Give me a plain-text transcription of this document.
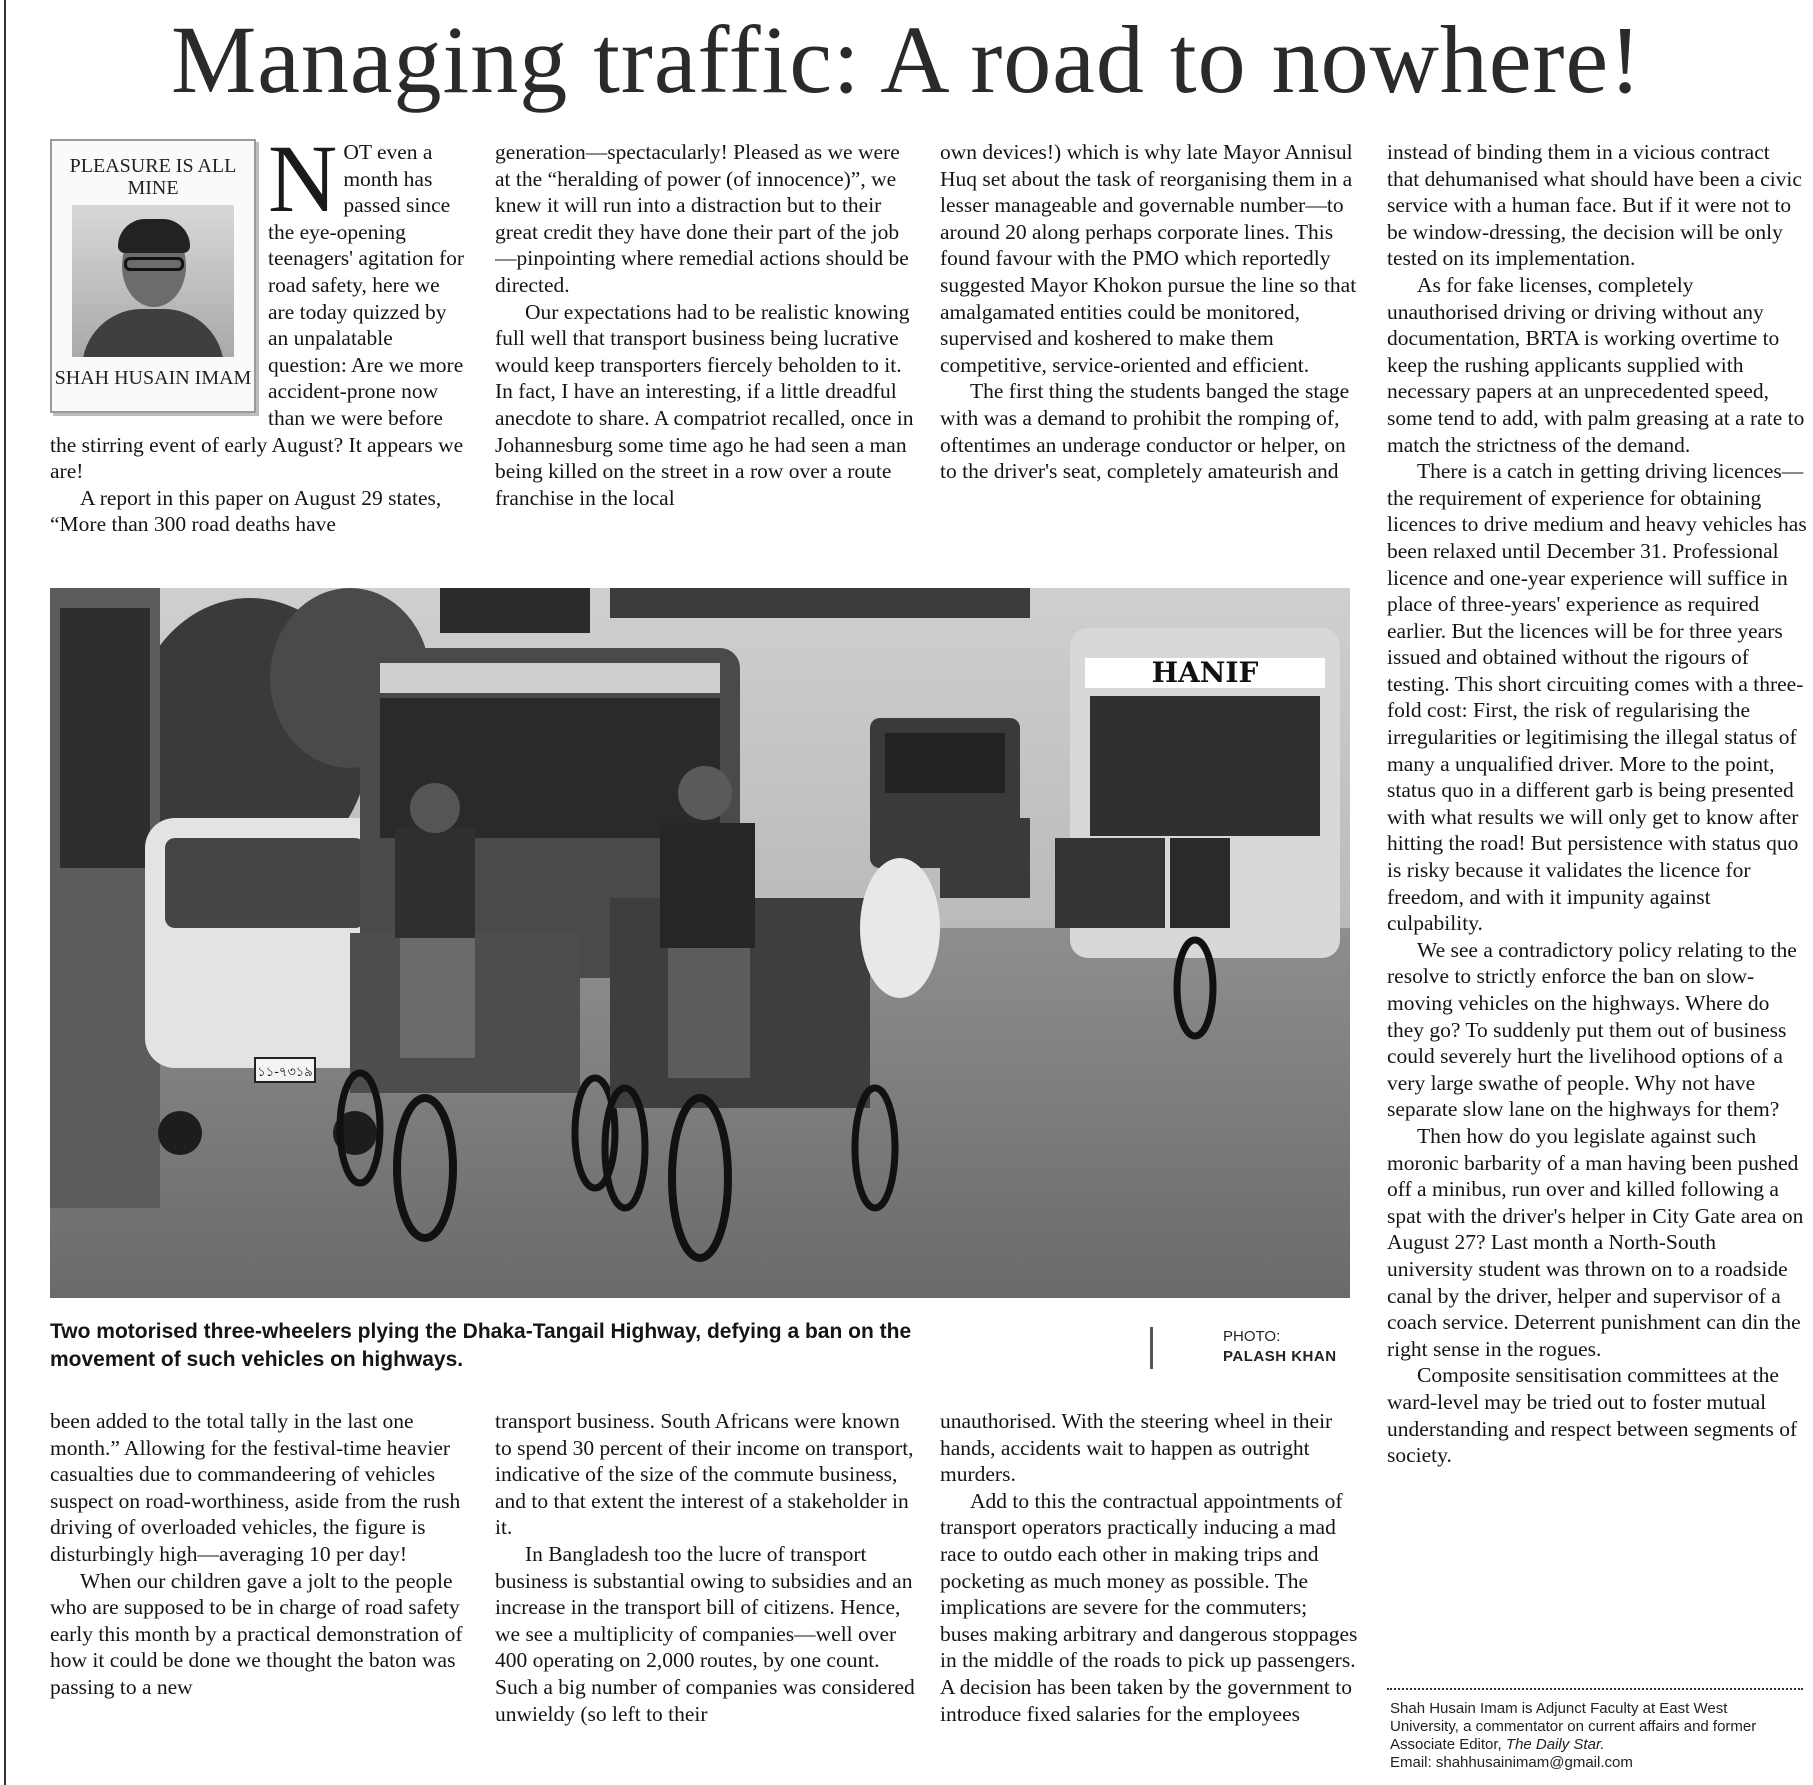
Managing traffic: A road to nowhere!
PLEASURE IS ALL MINE
SHAH HUSAIN IMAM
N OT even a month has passed since the eye-opening teenagers' agitation for road safety, here we are today quizzed by an unpalatable question: Are we more accident-prone now than we were before the stirring event of early August? It appears we are!

A report in this paper on August 29 states, “More than 300 road deaths have

generation—spectacularly! Pleased as we were at the “heralding of power (of innocence)”, we knew it will run into a distraction but to their great credit they have done their part of the job—pinpointing where remedial actions should be directed.

Our expectations had to be realistic knowing full well that transport business being lucrative would keep transporters fiercely beholden to it. In fact, I have an interesting, if a little dreadful anecdote to share. A compatriot recalled, once in Johannesburg some time ago he had seen a man being killed on the street in a row over a route franchise in the local

own devices!) which is why late Mayor Annisul Huq set about the task of reorganising them in a lesser manageable and governable number—to around 20 along perhaps corporate lines. This found favour with the PMO which reportedly suggested Mayor Khokon pursue the line so that amalgamated entities could be monitored, supervised and koshered to make them competitive, service-oriented and efficient.

The first thing the students banged the stage with was a demand to prohibit the romping of, oftentimes an underage conductor or helper, on to the driver's seat, completely amateurish and

instead of binding them in a vicious contract that dehumanised what should have been a civic service with a human face. But if it were not to be window-dressing, the decision will be only tested on its implementation.

As for fake licenses, completely unauthorised driving or driving without any documentation, BRTA is working overtime to keep the rushing applicants supplied with necessary papers at an unprecedented speed, some tend to add, with palm greasing at a rate to match the strictness of the demand.

There is a catch in getting driving licences—the requirement of experience for obtaining licences to drive medium and heavy vehicles has been relaxed until December 31. Professional licence and one-year experience will suffice in place of three-years' experience as required earlier. But the licences will be for three years issued and obtained without the rigours of testing. This short circuiting comes with a three-fold cost: First, the risk of regularising the irregularities or legitimising the illegal status of many a unqualified driver. More to the point, status quo in a different garb is being presented with what results we will only get to know after hitting the road! But persistence with status quo is risky because it validates the licence for freedom, and with it impunity against culpability.

We see a contradictory policy relating to the resolve to strictly enforce the ban on slow-moving vehicles on the highways. Where do they go? To suddenly put them out of business could severely hurt the livelihood options of a very large swathe of people. Why not have separate slow lane on the highways for them?

Then how do you legislate against such moronic barbarity of a man having been pushed off a minibus, run over and killed following a spat with the driver's helper in City Gate area on August 27? Last month a North-South university student was thrown on to a roadside canal by the driver, helper and supervisor of a coach service. Deterrent punishment can din the right sense in the rogues.

Composite sensitisation committees at the ward-level may be tried out to foster mutual understanding and respect between segments of society.

১১-৭৩১৯
HANIF
Two motorised three-wheelers plying the Dhaka-Tangail Highway, defying a ban on the movement of such vehicles on highways.
PHOTO:
PALASH KHAN

been added to the total tally in the last one month.” Allowing for the festival-time heavier casualties due to commandeering of vehicles suspect on road-worthiness, aside from the rush driving of overloaded vehicles, the figure is disturbingly high—averaging 10 per day!

When our children gave a jolt to the people who are supposed to be in charge of road safety early this month by a practical demonstration of how it could be done we thought the baton was passing to a new

transport business. South Africans were known to spend 30 percent of their income on transport, indicative of the size of the commute business, and to that extent the interest of a stakeholder in it.

In Bangladesh too the lucre of transport business is substantial owing to subsidies and an increase in the transport bill of citizens. Hence, we see a multiplicity of companies—well over 400 operating on 2,000 routes, by one count. Such a big number of companies was considered unwieldy (so left to their

unauthorised. With the steering wheel in their hands, accidents wait to happen as outright murders.

Add to this the contractual appointments of transport operators practically inducing a mad race to outdo each other in making trips and pocketing as much money as possible. The implications are severe for the commuters; buses making arbitrary and dangerous stoppages in the middle of the roads to pick up passengers. A decision has been taken by the government to introduce fixed salaries for the employees	Shah Husain Imam is Adjunct Faculty at East West University, a commentator on current affairs and former Associate Editor, The Daily Star.
Email: shahhusainimam@gmail.com
